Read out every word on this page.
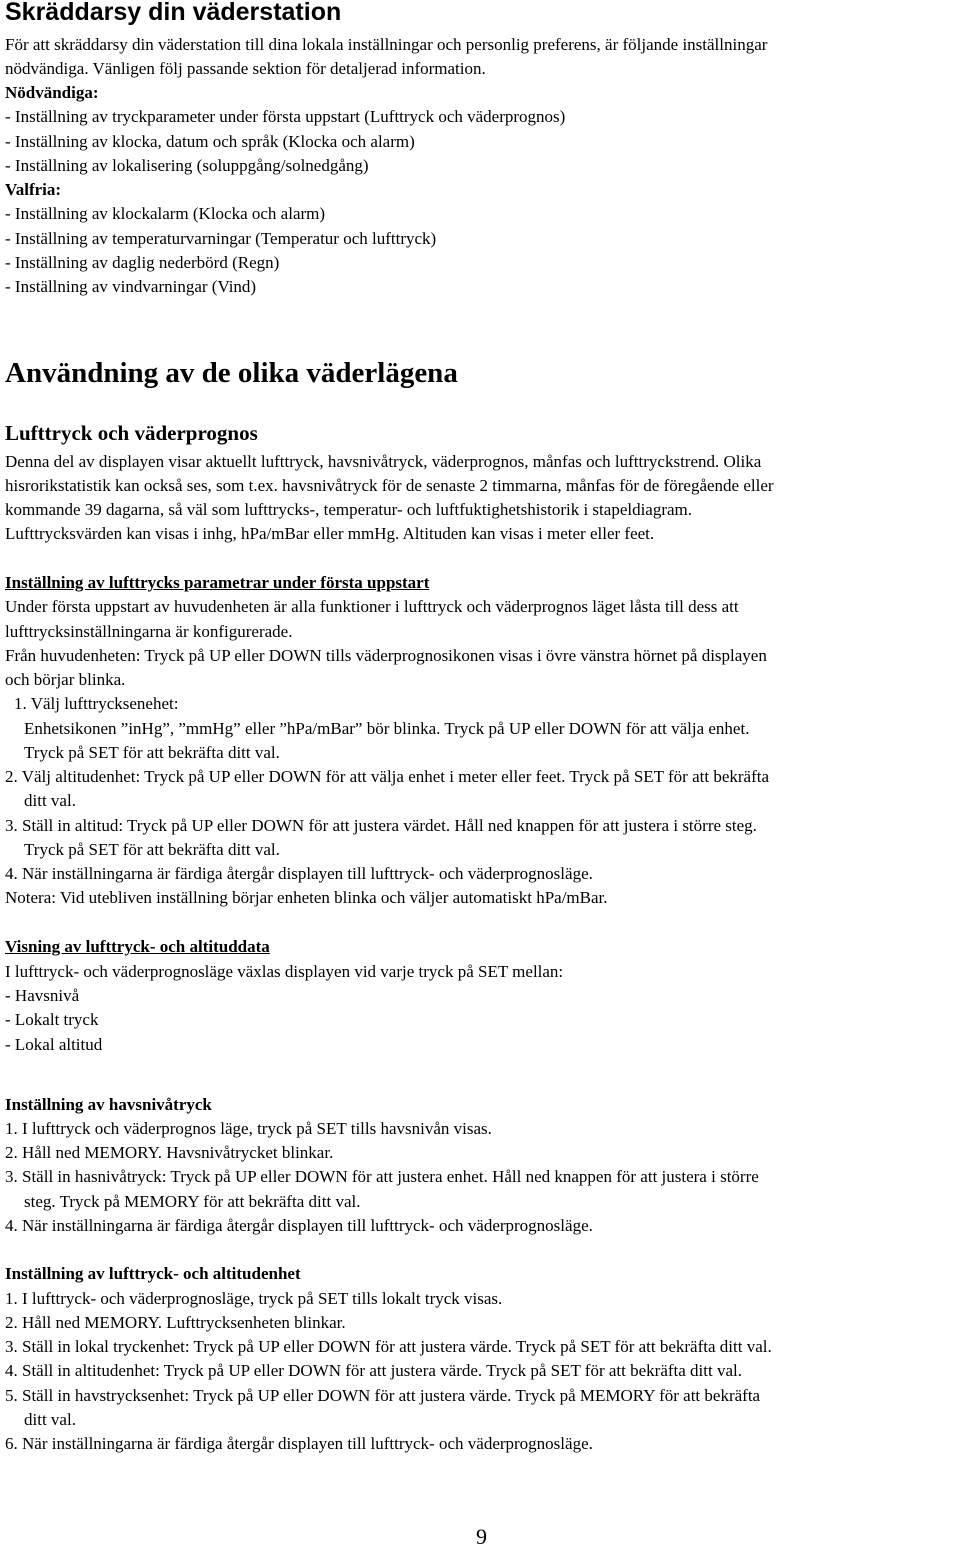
Skräddarsy din väderstation
För att skräddarsy din väderstation till dina lokala inställningar och personlig preferens, är följande inställningar
nödvändiga. Vänligen följ passande sektion för detaljerad information.
Nödvändiga:
- Inställning av tryckparameter under första uppstart (Lufttryck och väderprognos)
- Inställning av klocka, datum och språk (Klocka och alarm)
- Inställning av lokalisering (soluppgång/solnedgång)
Valfria:
- Inställning av klockalarm (Klocka och alarm)
- Inställning av temperaturvarningar (Temperatur och lufttryck)
- Inställning av daglig nederbörd (Regn)
- Inställning av vindvarningar (Vind)
Användning av de olika väderlägena
Lufttryck och väderprognos
Denna del av displayen visar aktuellt lufttryck, havsnivåtryck, väderprognos, månfas och lufttryckstrend. Olika
hisrorikstatistik kan också ses, som t.ex. havsnivåtryck för de senaste 2 timmarna, månfas för de föregående eller
kommande 39 dagarna, så väl som lufttrycks-, temperatur- och luftfuktighetshistorik i stapeldiagram.
Lufttrycksvärden kan visas i inhg, hPa/mBar eller mmHg. Altituden kan visas i meter eller feet.
Inställning av lufttrycks parametrar under första uppstart
Under första uppstart av huvudenheten är alla funktioner i lufttryck och väderprognos läget låsta till dess att
lufttrycksinställningarna är konfigurerade.
Från huvudenheten: Tryck på UP eller DOWN tills väderprognosikonen visas i övre vänstra hörnet på displayen
och börjar blinka.
1. Välj lufttrycksenehet:
Enhetsikonen ”inHg”, ”mmHg” eller ”hPa/mBar” bör blinka. Tryck på UP eller DOWN för att välja enhet.
Tryck på SET för att bekräfta ditt val.
2. Välj altitudenhet: Tryck på UP eller DOWN för att välja enhet i meter eller feet. Tryck på SET för att bekräfta
ditt val.
3. Ställ in altitud: Tryck på UP eller DOWN för att justera värdet. Håll ned knappen för att justera i större steg.
Tryck på SET för att bekräfta ditt val.
4. När inställningarna är färdiga återgår displayen till lufttryck- och väderprognosläge.
Notera: Vid utebliven inställning börjar enheten blinka och väljer automatiskt hPa/mBar.
Visning av lufttryck- och altituddata
I lufttryck- och väderprognosläge växlas displayen vid varje tryck på SET mellan:
- Havsnivå
- Lokalt tryck
- Lokal altitud
Inställning av havsnivåtryck
1. I lufttryck och väderprognos läge, tryck på SET tills havsnivån visas.
2. Håll ned MEMORY. Havsnivåtrycket blinkar.
3. Ställ in hasnivåtryck: Tryck på UP eller DOWN för att justera enhet. Håll ned knappen för att justera i större
steg. Tryck på MEMORY för att bekräfta ditt val.
4. När inställningarna är färdiga återgår displayen till lufttryck- och väderprognosläge.
Inställning av lufttryck- och altitudenhet
1. I lufttryck- och väderprognosläge, tryck på SET tills lokalt tryck visas.
2. Håll ned MEMORY. Lufttrycksenheten blinkar.
3. Ställ in lokal tryckenhet: Tryck på UP eller DOWN för att justera värde. Tryck på SET för att bekräfta ditt val.
4. Ställ in altitudenhet: Tryck på UP eller DOWN för att justera värde. Tryck på SET för att bekräfta ditt val.
5. Ställ in havstrycksenhet: Tryck på UP eller DOWN för att justera värde. Tryck på MEMORY för att bekräfta
ditt val.
6. När inställningarna är färdiga återgår displayen till lufttryck- och väderprognosläge.
9
